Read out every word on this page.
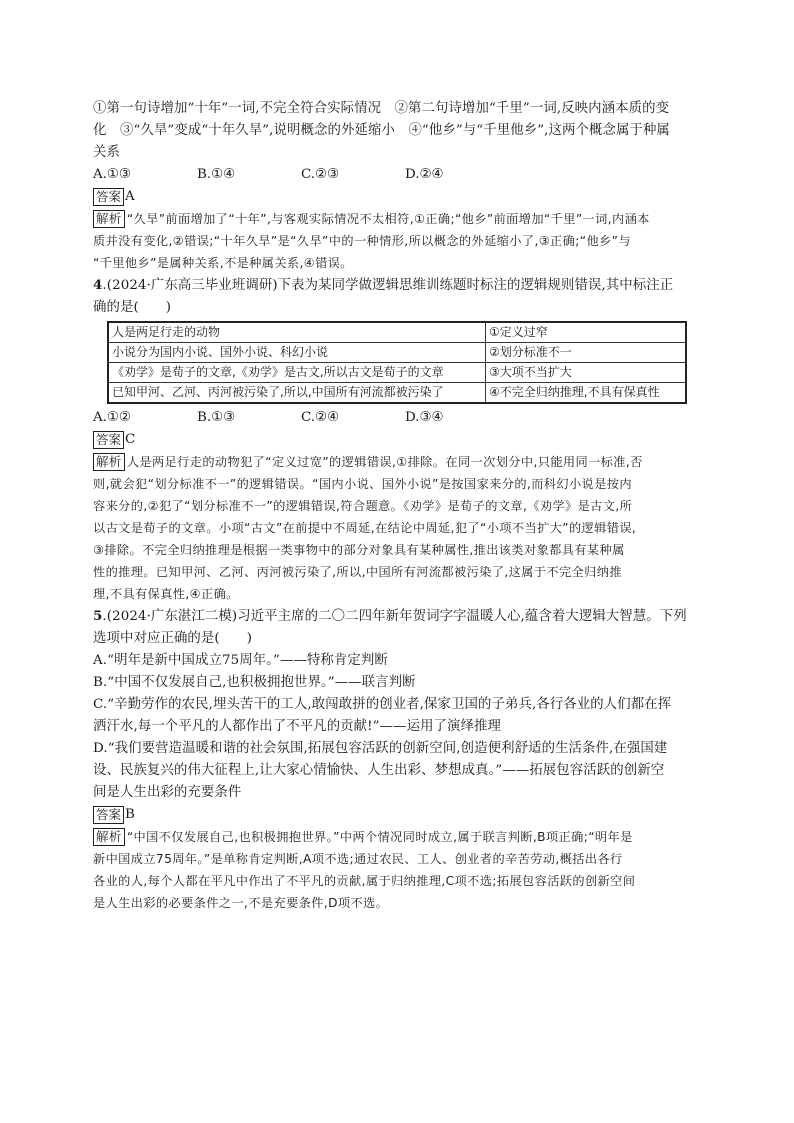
①第一句诗增加“十年”一词,不完全符合实际情况　②第二句诗增加“千里”一词,反映内涵本质的变
化　③“久旱”变成“十年久旱”,说明概念的外延缩小　④“他乡”与“千里他乡”,这两个概念属于种属
关系
A.①③	B.①④	C.②③	D.②④
答案 A
解析 “久旱”前面增加了“十年”,与客观实际情况不太相符,①正确;“他乡”前面增加“千里”一词,内涵本
质并没有变化,②错误;“十年久旱”是“久旱”中的一种情形,所以概念的外延缩小了,③正确;“他乡”与
“千里他乡”是属种关系,不是种属关系,④错误。
4.(2024·广东高三毕业班调研)下表为某同学做逻辑思维训练题时标注的逻辑规则错误,其中标注正
确的是(　　)
人是两足行走的动物	①定义过窄
小说分为国内小说、国外小说、科幻小说	②划分标准不一
《劝学》是荀子的文章,《劝学》是古文,所以古文是荀子的文章	③大项不当扩大
已知甲河、乙河、丙河被污染了,所以,中国所有河流都被污染了	④不完全归纳推理,不具有保真性
A.①②	B.①③	C.②④	D.③④
答案 C
解析 人是两足行走的动物犯了“定义过宽”的逻辑错误,①排除。在同一次划分中,只能用同一标准,否
则,就会犯“划分标准不一”的逻辑错误。“国内小说、国外小说”是按国家来分的,而科幻小说是按内
容来分的,②犯了“划分标准不一”的逻辑错误,符合题意。《劝学》是荀子的文章,《劝学》是古文,所
以古文是荀子的文章。小项“古文”在前提中不周延,在结论中周延,犯了“小项不当扩大”的逻辑错误,
③排除。不完全归纳推理是根据一类事物中的部分对象具有某种属性,推出该类对象都具有某种属
性的推理。已知甲河、乙河、丙河被污染了,所以,中国所有河流都被污染了,这属于不完全归纳推
理,不具有保真性,④正确。
5.(2024·广东湛江二模)习近平主席的二〇二四年新年贺词字字温暖人心,蕴含着大逻辑大智慧。下列
选项中对应正确的是(　　)
A.“明年是新中国成立75周年。”——特称肯定判断
B.“中国不仅发展自己,也积极拥抱世界。”——联言判断
C.“辛勤劳作的农民,埋头苦干的工人,敢闯敢拼的创业者,保家卫国的子弟兵,各行各业的人们都在挥
洒汗水,每一个平凡的人都作出了不平凡的贡献!”——运用了演绎推理
D.“我们要营造温暖和谐的社会氛围,拓展包容活跃的创新空间,创造便利舒适的生活条件,在强国建
设、民族复兴的伟大征程上,让大家心情愉快、人生出彩、梦想成真。”——拓展包容活跃的创新空
间是人生出彩的充要条件
答案 B
解析 “中国不仅发展自己,也积极拥抱世界。”中两个情况同时成立,属于联言判断,B项正确;“明年是
新中国成立75周年。”是单称肯定判断,A项不选;通过农民、工人、创业者的辛苦劳动,概括出各行
各业的人,每个人都在平凡中作出了不平凡的贡献,属于归纳推理,C项不选;拓展包容活跃的创新空间
是人生出彩的必要条件之一,不是充要条件,D项不选。
